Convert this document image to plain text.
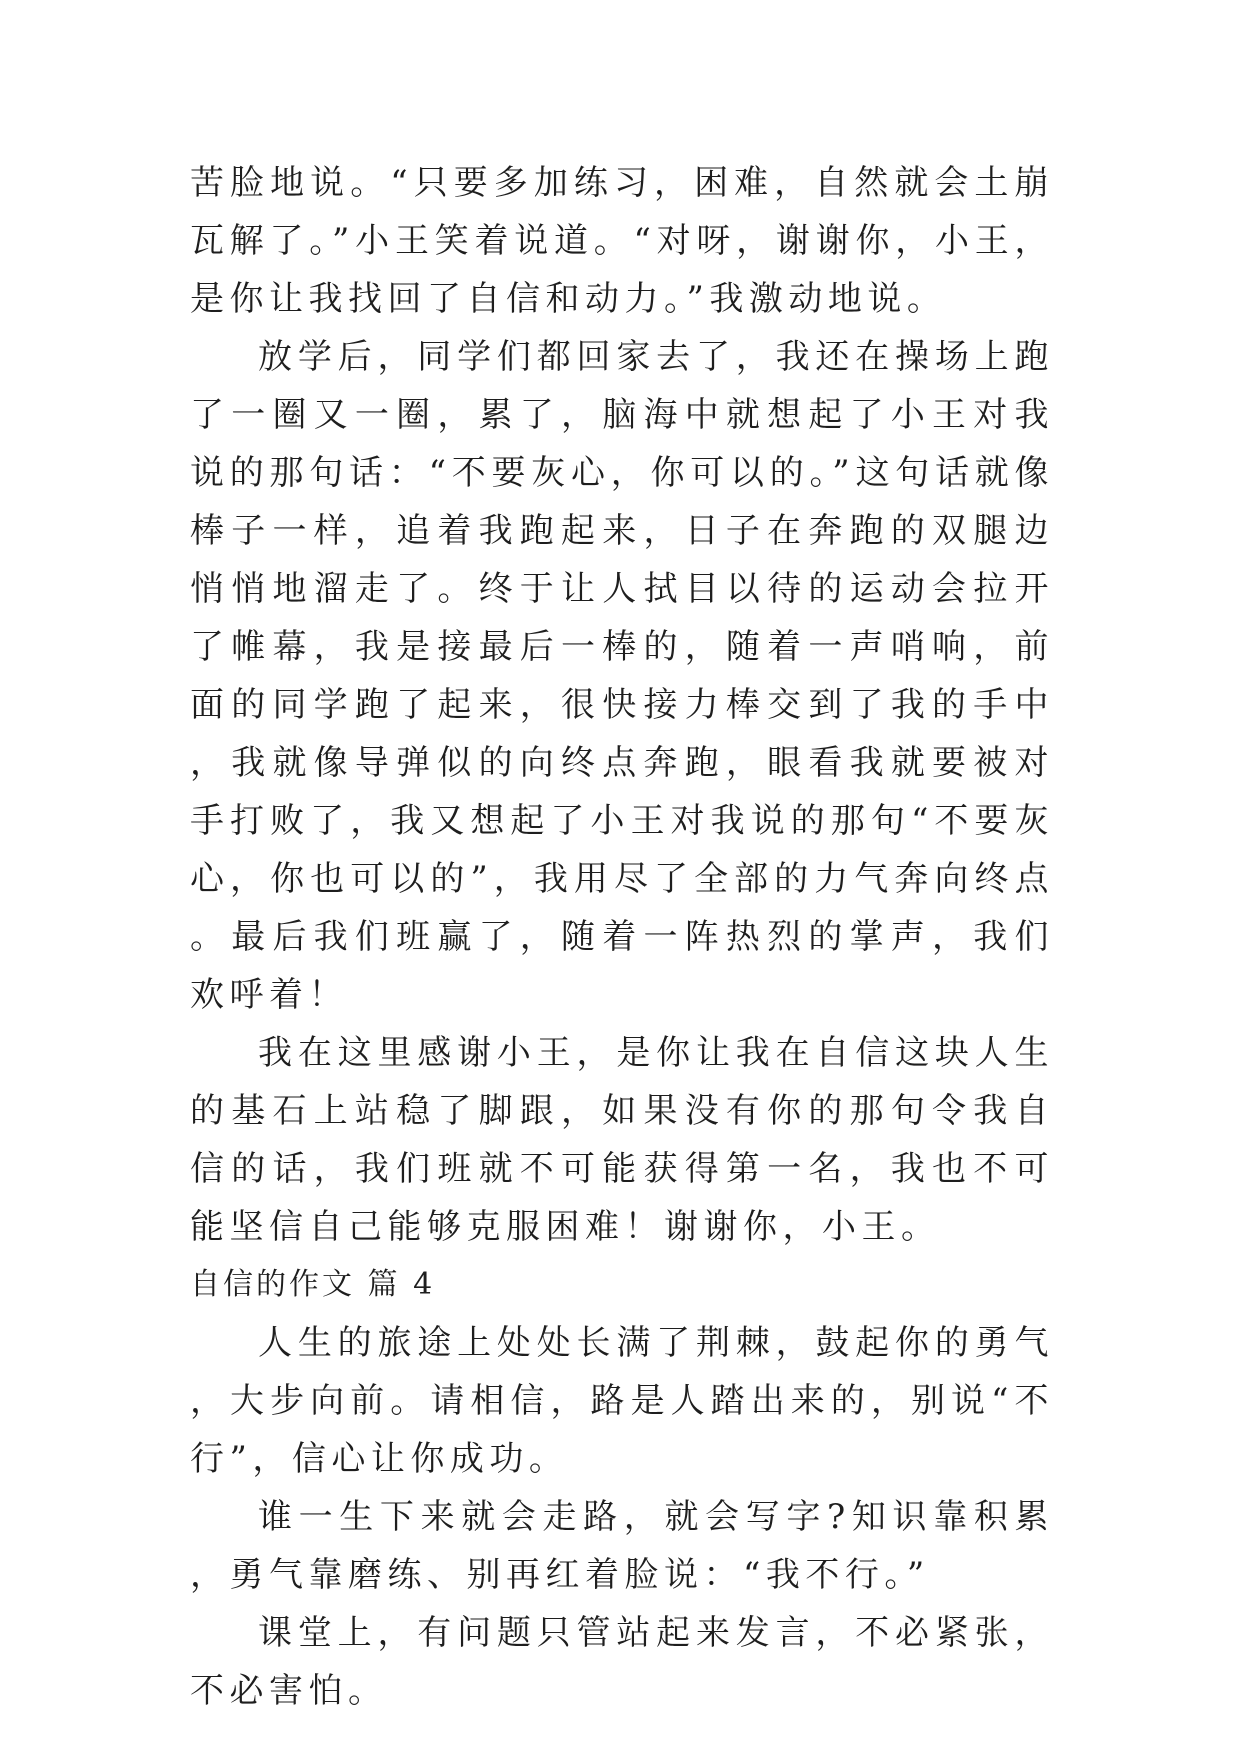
苦脸地说。“只要多加练习，困难，自然就会土崩瓦解了。”小王笑着说道。“对呀，谢谢你，小王，是你让我找回了自信和动力。”我激动地说。

放学后，同学们都回家去了，我还在操场上跑了一圈又一圈，累了，脑海中就想起了小王对我说的那句话：“不要灰心，你可以的。”这句话就像棒子一样，追着我跑起来，日子在奔跑的双腿边悄悄地溜走了。终于让人拭目以待的运动会拉开了帷幕，我是接最后一棒的，随着一声哨响，前面的同学跑了起来，很快接力棒交到了我的手中，我就像导弹似的向终点奔跑，眼看我就要被对手打败了，我又想起了小王对我说的那句“不要灰心，你也可以的”，我用尽了全部的力气奔向终点。最后我们班赢了，随着一阵热烈的掌声，我们欢呼着！

我在这里感谢小王，是你让我在自信这块人生的基石上站稳了脚跟，如果没有你的那句令我自信的话，我们班就不可能获得第一名，我也不可能坚信自己能够克服困难！谢谢你，小王。

自信的作文 篇 4

人生的旅途上处处长满了荆棘，鼓起你的勇气，大步向前。请相信，路是人踏出来的，别说“不行”，信心让你成功。

谁一生下来就会走路，就会写字?知识靠积累，勇气靠磨练、别再红着脸说：“我不行。”

课堂上，有问题只管站起来发言，不必紧张，不必害怕。
